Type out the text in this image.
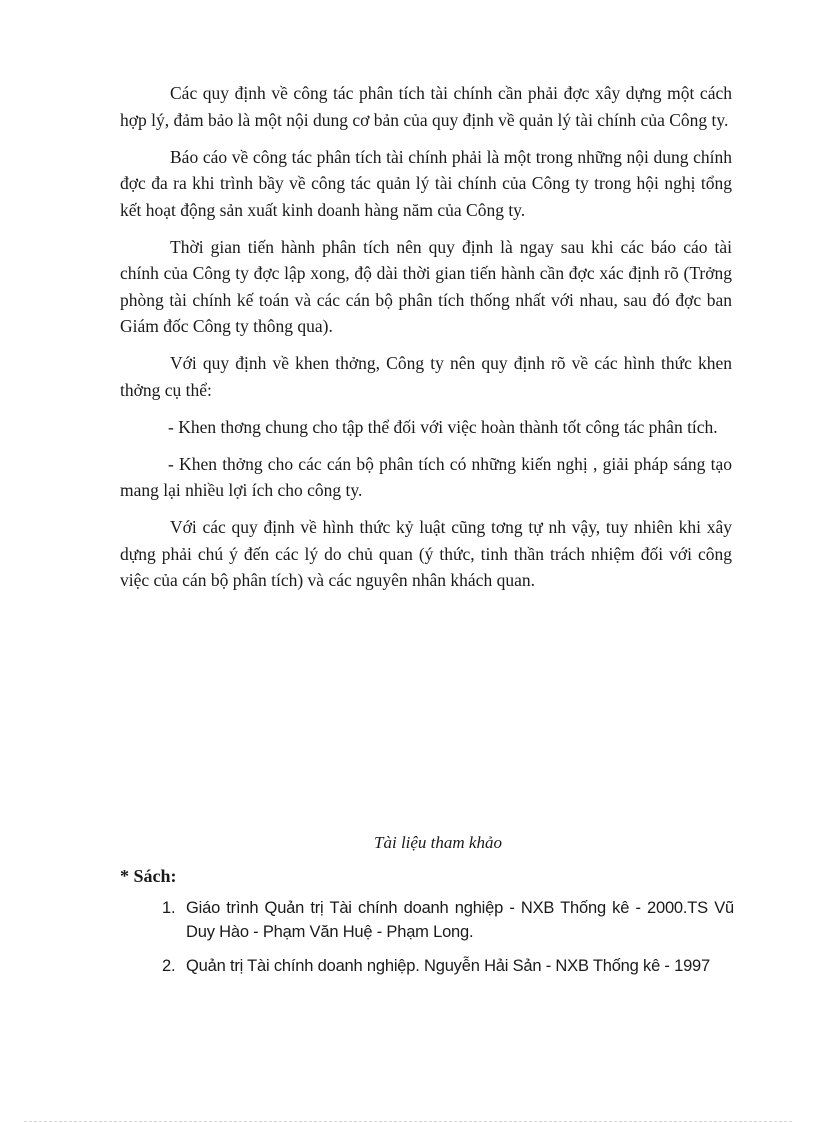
Các quy định về công tác phân tích tài chính cần phải đợc xây dựng một cách hợp lý, đảm bảo là một nội dung cơ bản của quy định về quản lý tài chính của Công ty.

Báo cáo về công tác phân tích tài chính phải là một trong những nội dung chính đợc đa ra khi trình bầy về công tác quản lý tài chính của Công ty trong hội nghị tổng kết hoạt động sản xuất kinh doanh hàng năm của Công ty.

Thời gian tiến hành phân tích nên quy định là ngay sau khi các báo cáo tài chính của Công ty đợc lập xong, độ dài thời gian tiến hành cần đợc xác định rõ (Trởng phòng tài chính kế toán và các cán bộ phân tích thống nhất với nhau, sau đó đợc ban Giám đốc Công ty thông qua).

Với quy định về khen thởng, Công ty nên quy định rõ về các hình thức khen thởng cụ thể:

- Khen thơng chung cho tập thể đối với việc hoàn thành tốt công tác phân tích.

- Khen thởng cho các cán bộ phân tích có những kiến nghị , giải pháp sáng tạo mang lại nhiều lợi ích cho công ty.

Với các quy định về hình thức kỷ luật cũng tơng tự nh vậy, tuy nhiên khi xây dựng phải chú ý đến các lý do chủ quan (ý thức, tinh thần trách nhiệm đối với công việc của cán bộ phân tích) và các nguyên nhân khách quan.

Tài liệu tham khảo
* Sách:
1. Giáo trình Quản trị Tài chính doanh nghiệp - NXB Thống kê - 2000.TS Vũ Duy Hào - Phạm Văn Huệ - Phạm Long.
2. Quản trị Tài chính doanh nghiệp. Nguyễn Hải Sản - NXB Thống kê - 1997
